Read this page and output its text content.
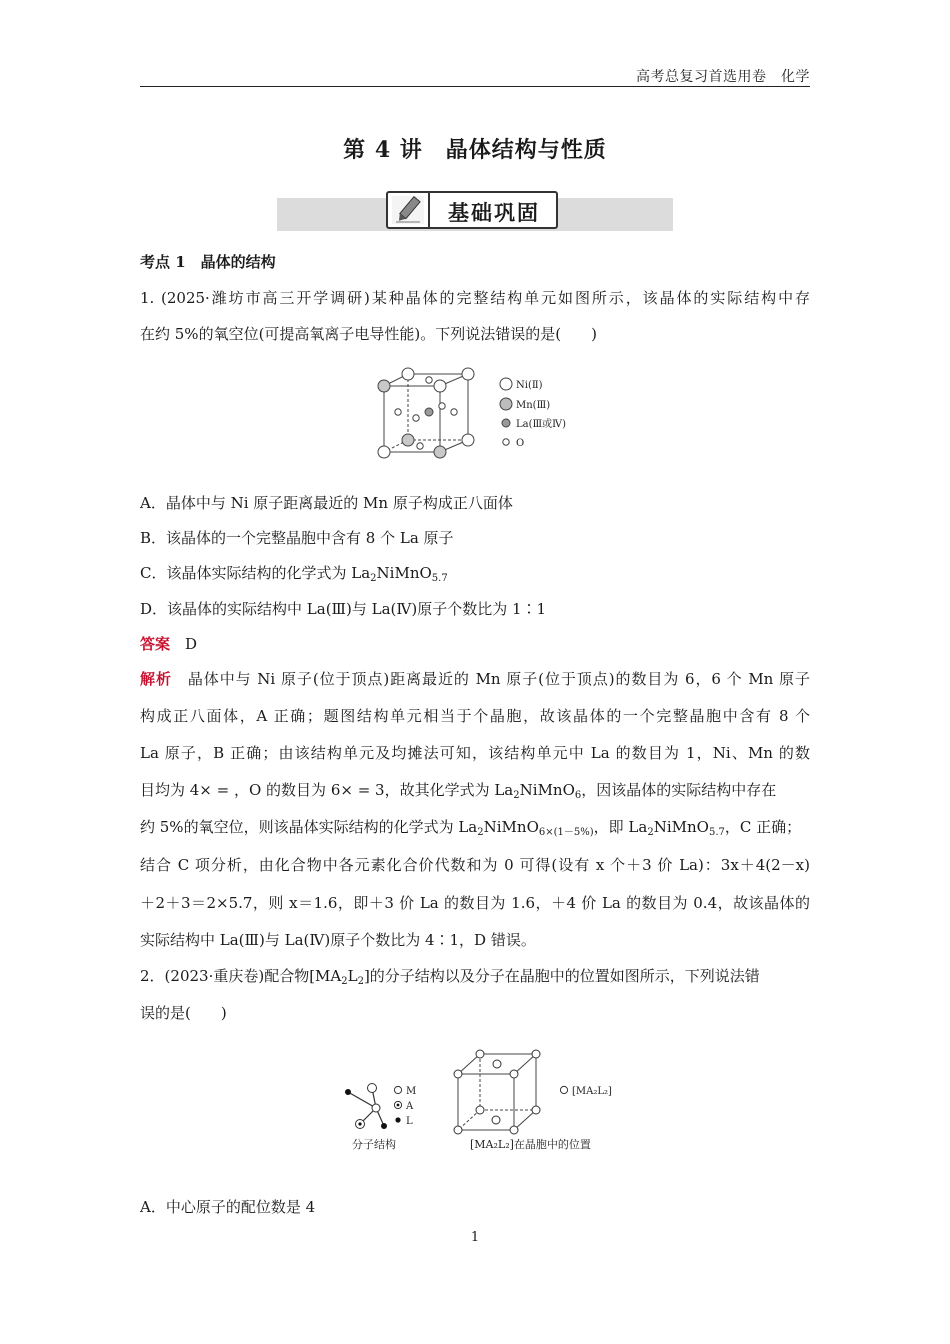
高考总复习首选用卷　化学
第 4 讲　晶体结构与性质
基础巩固
考点 1　晶体的结构
1. (2025·潍坊市高三开学调研)某种晶体的完整结构单元如图所示，该晶体的实际结构中存
在约 5%的氧空位(可提高氧离子电导性能)。下列说法错误的是(　　)
Ni(Ⅱ)
Mn(Ⅲ)
La(Ⅲ或Ⅳ)
O
A．晶体中与 Ni 原子距离最近的 Mn 原子构成正八面体
B．该晶体的一个完整晶胞中含有 8 个 La 原子
C．该晶体实际结构的化学式为 $La_2NiMnO_{5.7}$
D．该晶体的实际结构中 La(Ⅲ)与 La(Ⅳ)原子个数比为 1∶1
答案　 D
解析　 晶体中与 Ni 原子(位于顶点)距离最近的 Mn 原子(位于顶点)的数目为 6，6 个 Mn 原子
构成正八面体，A 正确；题图结构单元相当于个晶胞，故该晶体的一个完整晶胞中含有 8 个
La 原子，B 正确；由该结构单元及均摊法可知，该结构单元中 La 的数目为 1，Ni、Mn 的数
目均为 4× = ，O 的数目为 6× = 3，故其化学式为 $La_2NiMnO_6$，因该晶体的实际结构中存在
约 5%的氧空位，则该晶体实际结构的化学式为 $La_2NiMnO_{6\times(1-5\%)}$，即 $La_2NiMnO_{5.7}$，C 正确；
结合 C 项分析，由化合物中各元素化合价代数和为 0 可得(设有 x 个＋3 价 La)：3x＋4(2－x)
＋2＋3＝2×5.7，则 x＝1.6，即＋3 价 La 的数目为 1.6，＋4 价 La 的数目为 0.4，故该晶体的
实际结构中 La(Ⅲ)与 La(Ⅳ)原子个数比为 4∶1，D 错误。
2．(2023·重庆卷)配合物$[MA_2L_2]$的分子结构以及分子在晶胞中的位置如图所示，下列说法错
误的是(　　)
M
A
L
分子结构
[MA₂L₂]
[MA₂L₂]在晶胞中的位置
A．中心原子的配位数是 4
1
